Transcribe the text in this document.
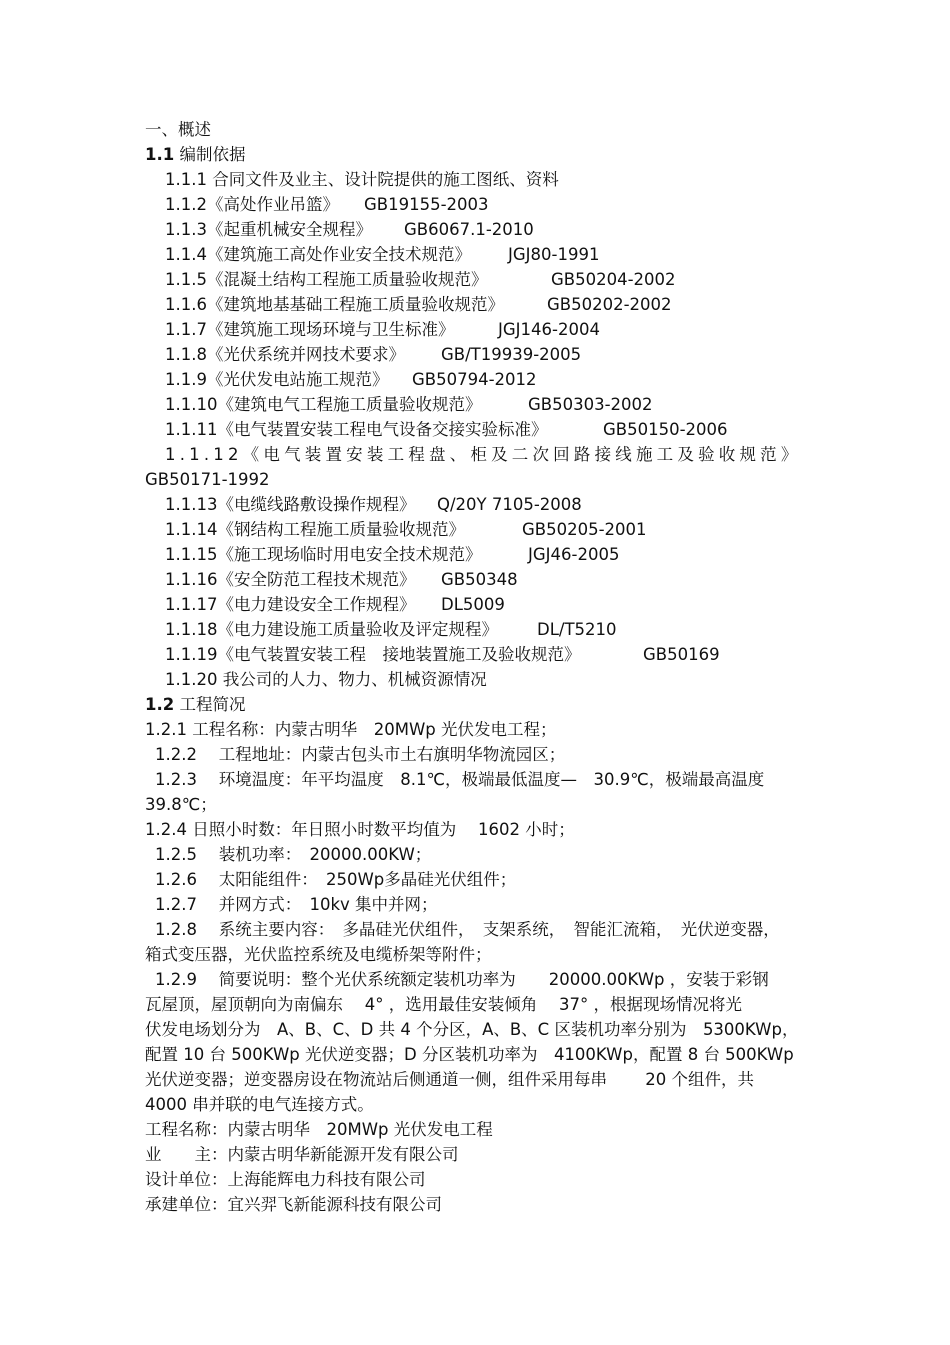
一、概述
1.1 编制依据
1.1.1 合同文件及业主、设计院提供的施工图纸、资料
1.1.2《高处作业吊篮》 GB19155-2003
1.1.3《起重机械安全规程》 GB6067.1-2010
1.1.4《建筑施工高处作业安全技术规范》 JGJ80-1991
1.1.5《混凝土结构工程施工质量验收规范》	GB50204-2002
1.1.6《建筑地基基础工程施工质量验收规范》	GB50202-2002
1.1.7《建筑施工现场环境与卫生标准》	JGJ146-2004
1.1.8《光伏系统并网技术要求》 GB/T19939-2005
1.1.9《光伏发电站施工规范》 GB50794-2012
1.1.10《建筑电气工程施工质量验收规范》	GB50303-2002
1.1.11《电气装置安装工程电气设备交接实验标准》	GB50150-2006
1.1.12《电气装置安装工程盘、柜及二次回路接线施工及验收规范》
GB50171-1992
1.1.13《电缆线路敷设操作规程》 Q/20Y 7105-2008
1.1.14《钢结构工程施工质量验收规范》	GB50205-2001
1.1.15《施工现场临时用电安全技术规范》	JGJ46-2005
1.1.16《安全防范工程技术规范》 GB50348
1.1.17《电力建设安全工作规程》 DL5009
1.1.18《电力建设施工质量验收及评定规程》 DL/T5210
1.1.19《电气装置安装工程　接地装置施工及验收规范》	GB50169
1.1.20 我公司的人力、物力、机械资源情况
1.2 工程简况
1.2.1 工程名称：内蒙古明华　20MWp 光伏发电工程；
1.2.2　 工程地址：内蒙古包头市土右旗明华物流园区；
1.2.3　 环境温度：年平均温度　8.1℃，极端最低温度—　30.9℃，极端最高温度
39.8℃；
1.2.4 日照小时数：年日照小时数平均值为　 1602 小时；
1.2.5　 装机功率：　20000.00KW；
1.2.6　 太阳能组件：　250Wp多晶硅光伏组件；
1.2.7　 并网方式：　10kv 集中并网；
1.2.8　 系统主要内容：　多晶硅光伏组件，　支架系统，　智能汇流箱，　光伏逆变器，
箱式变压器，光伏监控系统及电缆桥架等附件；
1.2.9　 简要说明：整个光伏系统额定装机功率为　　20000.00KWp ，安装于彩钢
瓦屋顶，屋顶朝向为南偏东　 4° ，选用最佳安装倾角　 37° ，根据现场情况将光
伏发电场划分为　A、B、C、D 共 4 个分区，A、B、C 区装机功率分别为　5300KWp，
配置 10 台 500KWp 光伏逆变器；D 分区装机功率为　4100KWp，配置 8 台 500KWp
光伏逆变器；逆变器房设在物流站后侧通道一侧，组件采用每串　　 20 个组件，共
4000 串并联的电气连接方式。
工程名称：内蒙古明华　20MWp 光伏发电工程
业　　主：内蒙古明华新能源开发有限公司
设计单位：上海能辉电力科技有限公司
承建单位：宜兴羿飞新能源科技有限公司
